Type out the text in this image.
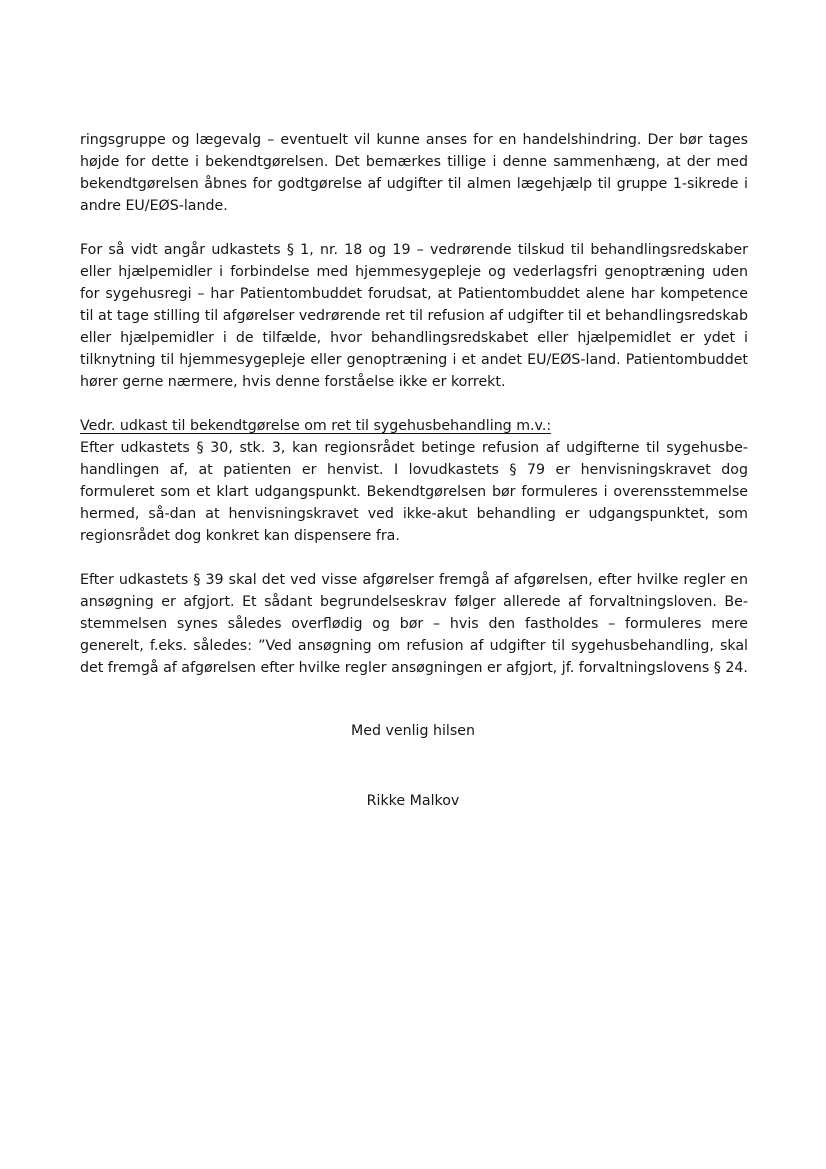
ringsgruppe og lægevalg – eventuelt vil kunne anses for en handelshindring. Der bør tages højde for dette i bekendtgørelsen. Det bemærkes tillige i denne sammenhæng, at der med bekendtgørelsen åbnes for godtgørelse af udgifter til almen lægehjælp til gruppe 1-sikrede i andre EU/EØS-lande.

For så vidt angår udkastets § 1, nr. 18 og 19 – vedrørende tilskud til behandlingsredskaber eller hjælpemidler i forbindelse med hjemmesygepleje og vederlagsfri genoptræning uden for sygehusregi – har Patientombuddet forudsat, at Patientombuddet alene har kompetence til at tage stilling til afgørelser vedrørende ret til refusion af udgifter til et behandlingsredskab eller hjælpemidler i de tilfælde, hvor behandlingsredskabet eller hjælpemidlet er ydet i tilknytning til hjemmesygepleje eller genoptræning i et andet EU/EØS-land. Patientombuddet hører gerne nærmere, hvis denne forståelse ikke er korrekt.

Vedr. udkast til bekendtgørelse om ret til sygehusbehandling m.v.:

Efter udkastets § 30, stk. 3, kan regionsrådet betinge refusion af udgifterne til sygehusbe-handlingen af, at patienten er henvist. I lovudkastets § 79 er henvisningskravet dog formuleret som et klart udgangspunkt. Bekendtgørelsen bør formuleres i overensstemmelse hermed, så-dan at henvisningskravet ved ikke-akut behandling er udgangspunktet, som regionsrådet dog konkret kan dispensere fra.

Efter udkastets § 39 skal det ved visse afgørelser fremgå af afgørelsen, efter hvilke regler en ansøgning er afgjort. Et sådant begrundelseskrav følger allerede af forvaltningsloven. Be-stemmelsen synes således overflødig og bør – hvis den fastholdes – formuleres mere generelt, f.eks. således: ”Ved ansøgning om refusion af udgifter til sygehusbehandling, skal det fremgå af afgørelsen efter hvilke regler ansøgningen er afgjort, jf. forvaltningslovens § 24.

Med venlig hilsen
Rikke Malkov
